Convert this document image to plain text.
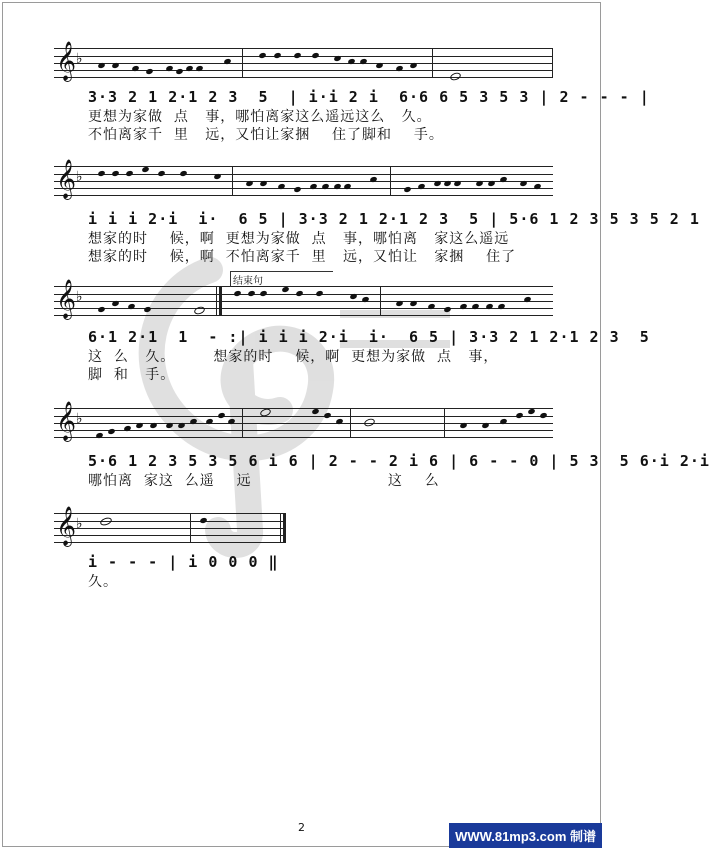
𝄞 ♭
3·3 2 1 2·1 2 3  5  | i·i 2 i  6·6 6 5 3 5 3 | 2 - - - |
更想为家做  点   事，哪怕离家这么遥远这么   久。
不怕离家千  里   远，又怕让家捆    住了脚和    手。
𝄞 ♭
i i i 2·i  i·  6 5 | 3·3 2 1 2·1 2 3  5 | 5·6 1 2 3 5 3 5 2 1
想家的时    候，啊  更想为家做  点   事，哪怕离   家这么遥远
想家的时    候，啊  不怕离家千  里   远，又怕让   家捆    住了
𝄞 ♭
6·1 2·1  1  - :| i i i 2·i  i·  6 5 | 3·3 2 1 2·1 2 3  5
这  么   久。       想家的时    候，啊  更想为家做  点   事，
脚  和   手。
结束句
𝄞 ♭
5·6 1 2 3 5 3 5 6 i 6 | 2 - - 2 i 6 | 6 - - 0 | 5 3  5 6·i 2·i
哪怕离  家这  么遥    远                         这    么
𝄞 ♭
i - - - | i 0 0 0 ‖
久。
2
WWW.81mp3.com 制谱
